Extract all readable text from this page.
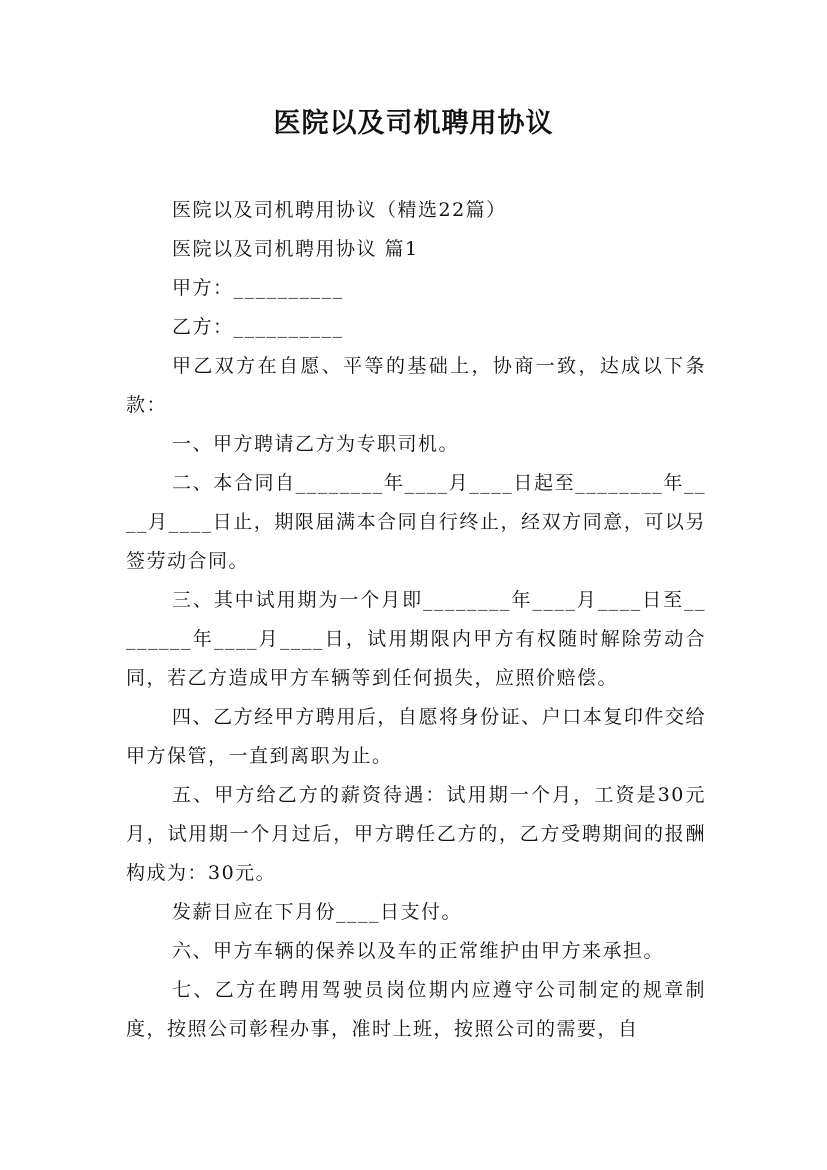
医院以及司机聘用协议

医院以及司机聘用协议（精选22篇）

医院以及司机聘用协议 篇1

甲方：__________

乙方：__________

甲乙双方在自愿、平等的基础上，协商一致，达成以下条款：

一、甲方聘请乙方为专职司机。

二、本合同自________年____月____日起至________年____月____日止，期限届满本合同自行终止，经双方同意，可以另签劳动合同。

三、其中试用期为一个月即________年____月____日至________年____月____日，试用期限内甲方有权随时解除劳动合同，若乙方造成甲方车辆等到任何损失，应照价赔偿。

四、乙方经甲方聘用后，自愿将身份证、户口本复印件交给甲方保管，一直到离职为止。

五、甲方给乙方的薪资待遇：试用期一个月，工资是30元月，试用期一个月过后，甲方聘任乙方的，乙方受聘期间的报酬构成为：30元。

发薪日应在下月份____日支付。

六、甲方车辆的保养以及车的正常维护由甲方来承担。

七、乙方在聘用驾驶员岗位期内应遵守公司制定的规章制度，按照公司彰程办事，准时上班，按照公司的需要，自
